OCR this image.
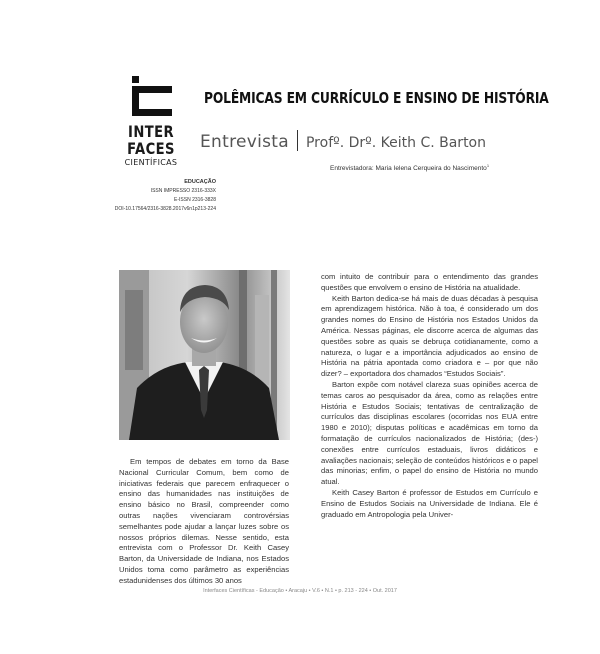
INTER
FACES
CIENTÍFICAS
EDUCAÇÃO
ISSN IMPRESSO 2316-333X
E-ISSN 2316-3828
DOI-10.17564/2316-3828.2017v6n1p213-224
POLÊMICAS EM CURRÍCULO E ENSINO DE HISTÓRIA
Entrevista Profº. Drº. Keith C. Barton
Entrevistadora: Maria Ielena Cerqueira do Nascimento$^1$

Em tempos de debates em torno da Base Nacional Curricular Comum, bem como de iniciativas federais que parecem enfraquecer o ensino das humanidades nas instituições de ensino básico no Brasil, compreender como outras nações vivenciaram controvérsias semelhantes pode ajudar a lançar luzes sobre os nossos próprios dilemas. Nesse sentido, esta entrevista com o Professor Dr. Keith Casey Barton, da Universidade de Indiana, nos Estados Unidos toma como parâmetro as experiências estadunidenses dos últimos 30 anos

com intuito de contribuir para o entendimento das grandes questões que envolvem o ensino de História na atualidade.

Keith Barton dedica-se há mais de duas décadas à pesquisa em aprendizagem histórica. Não à toa, é considerado um dos grandes nomes do Ensino de História nos Estados Unidos da América. Nessas páginas, ele discorre acerca de algumas das questões sobre as quais se debruça cotidianamente, como a natureza, o lugar e a importância adjudicados ao ensino de História na pátria apontada como criadora e – por que não dizer? – exportadora dos chamados “Estudos Sociais”.

Barton expõe com notável clareza suas opiniões acerca de temas caros ao pesquisador da área, como as relações entre História e Estudos Sociais; tentativas de centralização de currículos das disciplinas escolares (ocorridas nos EUA entre 1980 e 2010); disputas políticas e acadêmicas em torno da formatação de currículos nacionalizados de História; (des-) conexões entre currículos estaduais, livros didáticos e avaliações nacionais; seleção de conteúdos históricos e o papel das minorias; enfim, o papel do ensino de História no mundo atual.

Keith Casey Barton é professor de Estudos em Currículo e Ensino de Estudos Sociais na Universidade de Indiana. Ele é graduado em Antropologia pela Univer-

Interfaces Científicas - Educação • Aracaju • V.6 • N.1 • p. 213 - 224 • Out. 2017
